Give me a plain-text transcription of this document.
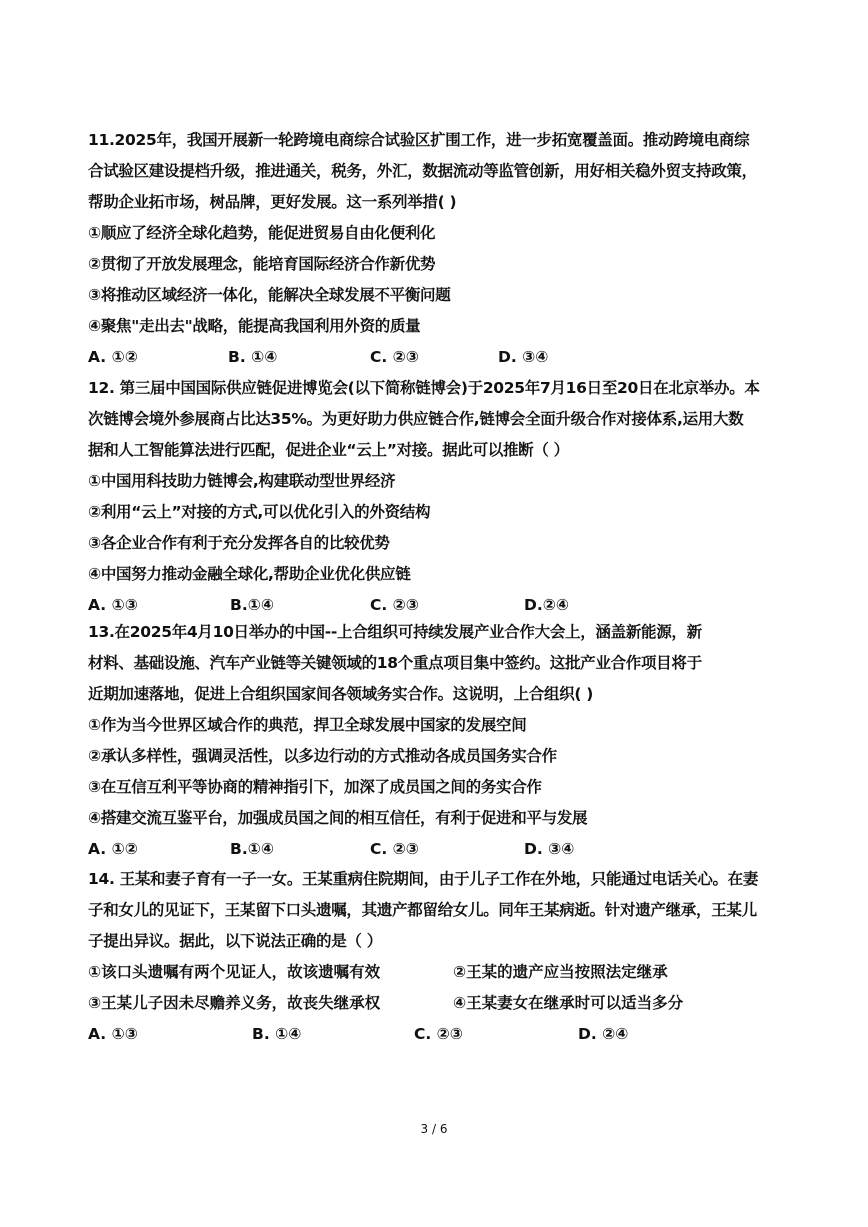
11.2025年，我国开展新一轮跨境电商综合试验区扩围工作，进一步拓宽覆盖面。推动跨境电商综
合试验区建设提档升级，推进通关，税务，外汇，数据流动等监管创新，用好相关稳外贸支持政策，
帮助企业拓市场，树品牌，更好发展。这一系列举措( )
①顺应了经济全球化趋势，能促进贸易自由化便利化
②贯彻了开放发展理念，能培育国际经济合作新优势
③将推动区域经济一体化，能解决全球发展不平衡问题
④聚焦"走出去"战略，能提高我国利用外资的质量
A. ①②	B. ①④	C. ②③	D. ③④
12. 第三届中国国际供应链促进博览会(以下简称链博会)于2025年7月16日至20日在北京举办。本
次链博会境外参展商占比达35%。为更好助力供应链合作,链博会全面升级合作对接体系,运用大数
据和人工智能算法进行匹配，促进企业“云上”对接。据此可以推断（ ）
①中国用科技助力链博会,构建联动型世界经济
②利用“云上”对接的方式,可以优化引入的外资结构
③各企业合作有利于充分发挥各自的比较优势
④中国努力推动金融全球化,帮助企业优化供应链
A. ①③	B.①④	C. ②③	D.②④
13.在2025年4月10日举办的中国--上合组织可持续发展产业合作大会上，涵盖新能源，新
材料、基础设施、汽车产业链等关键领域的18个重点项目集中签约。这批产业合作项目将于
近期加速落地，促进上合组织国家间各领域务实合作。这说明，上合组织( )
①作为当今世界区域合作的典范，捍卫全球发展中国家的发展空间
②承认多样性，强调灵活性，以多边行动的方式推动各成员国务实合作
③在互信互利平等协商的精神指引下，加深了成员国之间的务实合作
④搭建交流互鉴平台，加强成员国之间的相互信任，有利于促进和平与发展
A. ①②	B.①④	C. ②③	D. ③④
14. 王某和妻子育有一子一女。王某重病住院期间，由于儿子工作在外地，只能通过电话关心。在妻
子和女儿的见证下，王某留下口头遗嘱，其遗产都留给女儿。同年王某病逝。针对遗产继承，王某儿
子提出异议。据此，以下说法正确的是（ ）
①该口头遗嘱有两个见证人，故该遗嘱有效	②王某的遗产应当按照法定继承
③王某儿子因未尽赡养义务，故丧失继承权	④王某妻女在继承时可以适当多分
A. ①③	B. ①④	C. ②③	D. ②④
3 / 6
